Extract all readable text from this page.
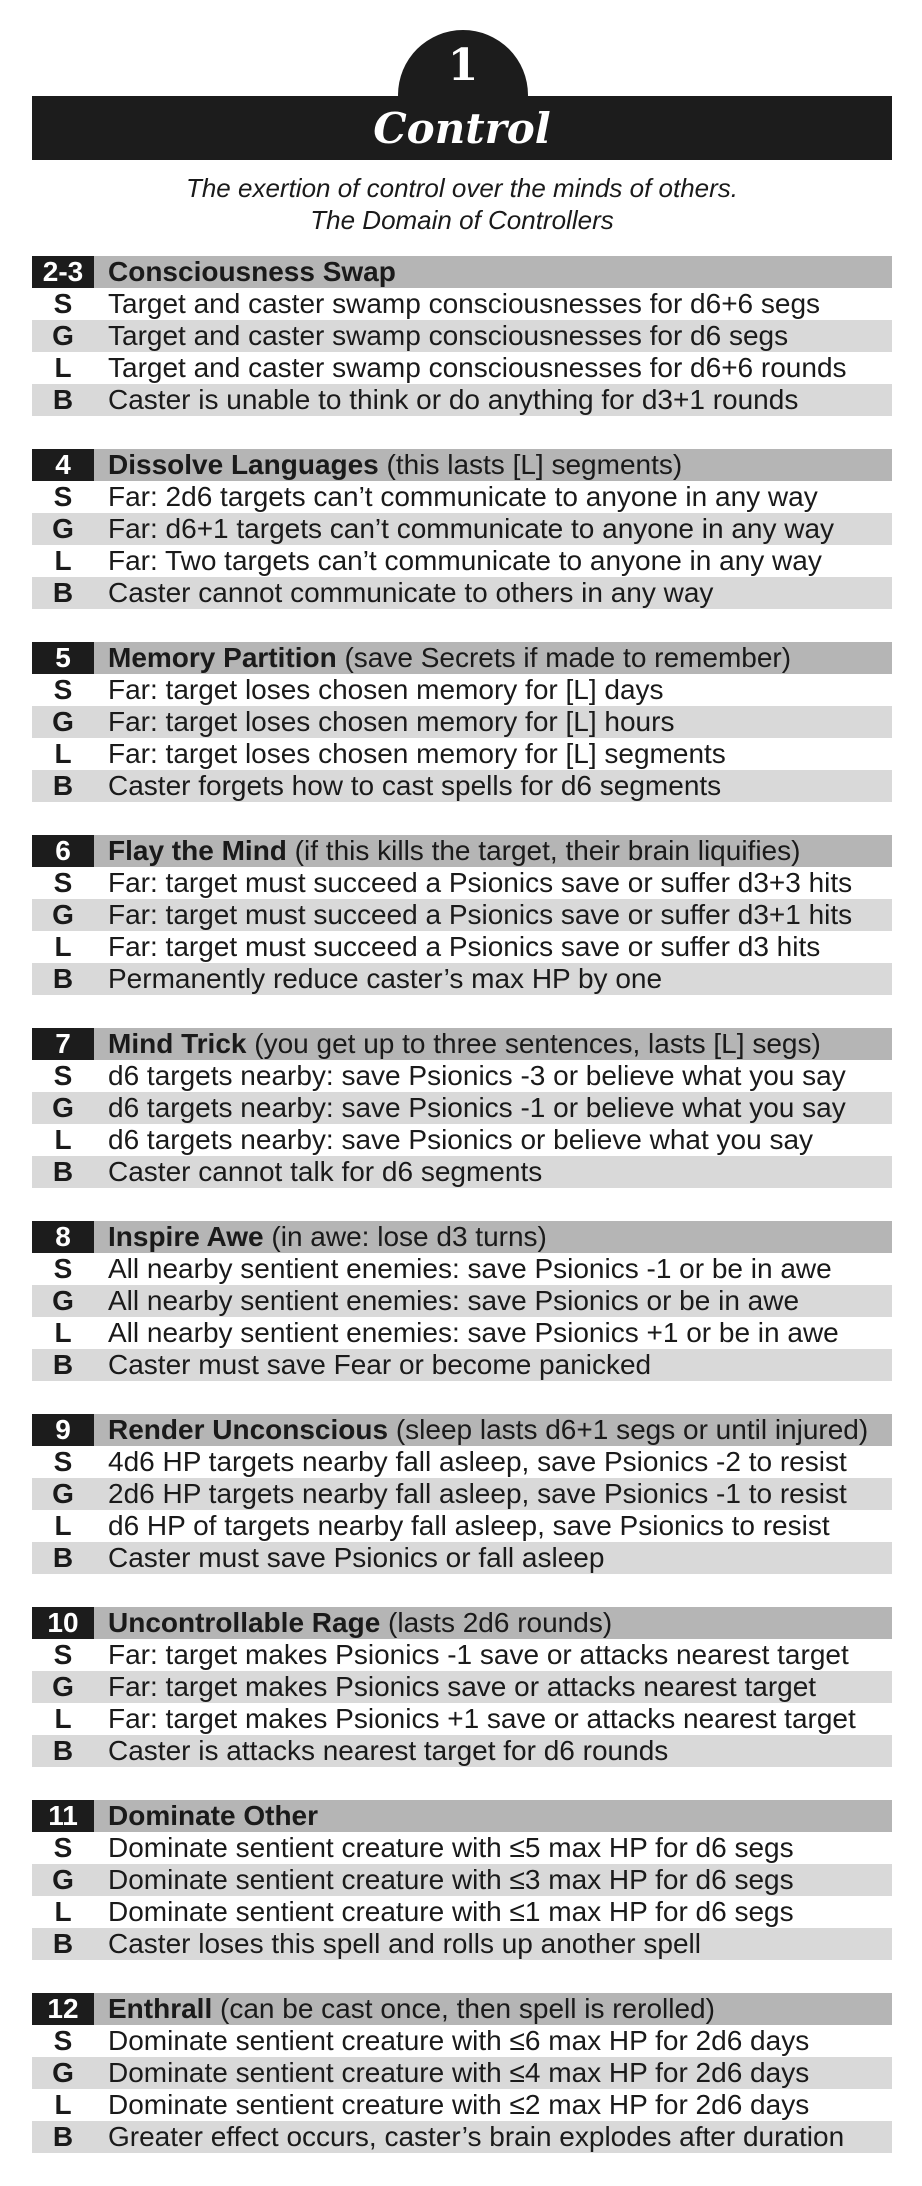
1
Control
The exertion of control over the minds of others.
The Domain of Controllers
2-3 Consciousness Swap
S	Target and caster swamp consciousnesses for d6+6 segs
G	Target and caster swamp consciousnesses for d6 segs
L	Target and caster swamp consciousnesses for d6+6 rounds
B	Caster is unable to think or do anything for d3+1 rounds
4	Dissolve Languages (this lasts [L] segments)
S	Far: 2d6 targets can’t communicate to anyone in any way
G	Far: d6+1 targets can’t communicate to anyone in any way
L	Far: Two targets can’t communicate to anyone in any way
B	Caster cannot communicate to others in any way
5	Memory Partition (save Secrets if made to remember)
S	Far: target loses chosen memory for [L] days
G	Far: target loses chosen memory for [L] hours
L	Far: target loses chosen memory for [L] segments
B	Caster forgets how to cast spells for d6 segments
6	Flay the Mind (if this kills the target, their brain liquifies)
S	Far: target must succeed a Psionics save or suffer d3+3 hits
G	Far: target must succeed a Psionics save or suffer d3+1 hits
L	Far: target must succeed a Psionics save or suffer d3 hits
B	Permanently reduce caster’s max HP by one
7	Mind Trick (you get up to three sentences, lasts [L] segs)
S	d6 targets nearby: save Psionics -3 or believe what you say
G	d6 targets nearby: save Psionics -1 or believe what you say
L	d6 targets nearby: save Psionics or believe what you say
B	Caster cannot talk for d6 segments
8	Inspire Awe (in awe: lose d3 turns)
S	All nearby sentient enemies: save Psionics -1 or be in awe
G	All nearby sentient enemies: save Psionics or be in awe
L	All nearby sentient enemies: save Psionics +1 or be in awe
B	Caster must save Fear or become panicked
9	Render Unconscious (sleep lasts d6+1 segs or until injured)
S	4d6 HP targets nearby fall asleep, save Psionics -2 to resist
G	2d6 HP targets nearby fall asleep, save Psionics -1 to resist
L	d6 HP of targets nearby fall asleep, save Psionics to resist
B	Caster must save Psionics or fall asleep
10	Uncontrollable Rage (lasts 2d6 rounds)
S	Far: target makes Psionics -1 save or attacks nearest target
G	Far: target makes Psionics save or attacks nearest target
L	Far: target makes Psionics +1 save or attacks nearest target
B	Caster is attacks nearest target for d6 rounds
11	Dominate Other
S	Dominate sentient creature with ≤5 max HP for d6 segs
G	Dominate sentient creature with ≤3 max HP for d6 segs
L	Dominate sentient creature with ≤1 max HP for d6 segs
B	Caster loses this spell and rolls up another spell
12	Enthrall (can be cast once, then spell is rerolled)
S	Dominate sentient creature with ≤6 max HP for 2d6 days
G	Dominate sentient creature with ≤4 max HP for 2d6 days
L	Dominate sentient creature with ≤2 max HP for 2d6 days
B	Greater effect occurs, caster’s brain explodes after duration
